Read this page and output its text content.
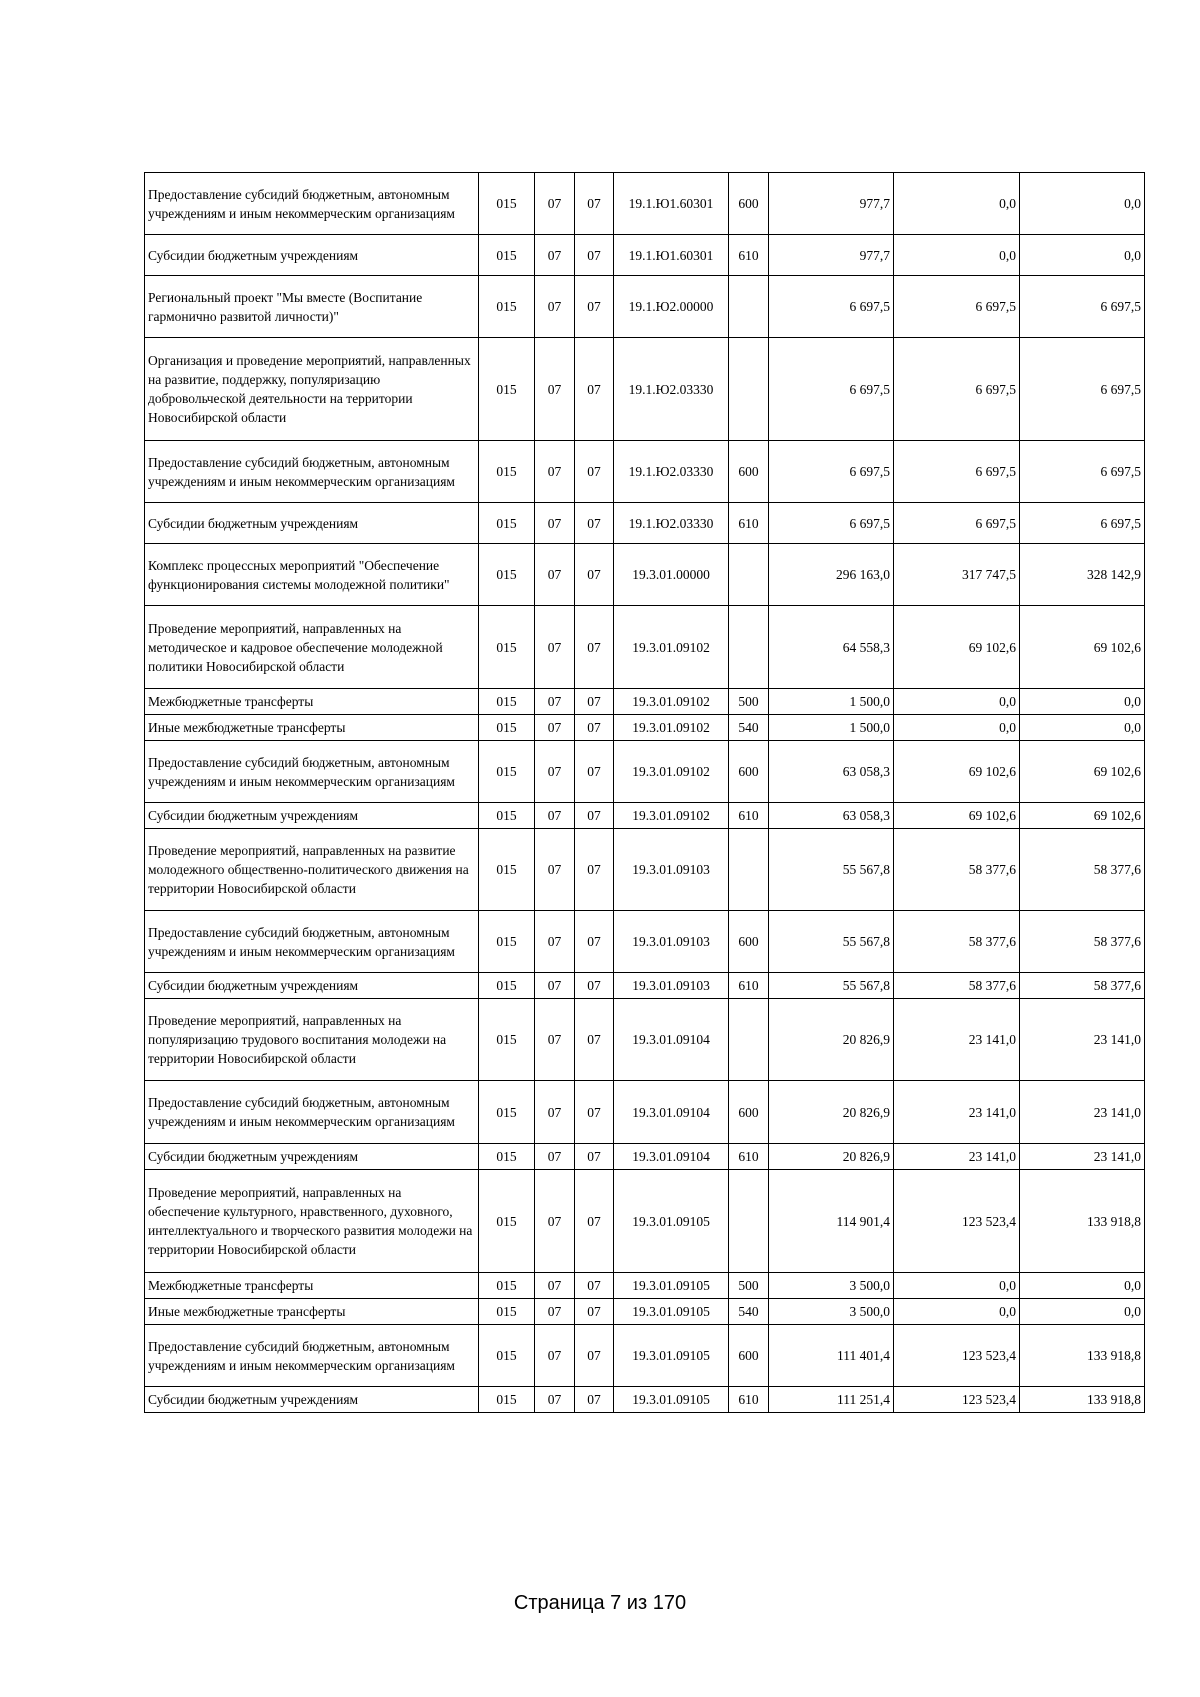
Предоставление субсидий бюджетным, автономным учреждениям и иным некоммерческим организациям	015	07	07	19.1.Ю1.60301	600	977,7	0,0	0,0
Субсидии бюджетным учреждениям	015	07	07	19.1.Ю1.60301	610	977,7	0,0	0,0
Региональный проект "Мы вместе (Воспитание гармонично развитой личности)"	015	07	07	19.1.Ю2.00000		6 697,5	6 697,5	6 697,5
Организация и проведение мероприятий, направленных на развитие, поддержку, популяризацию добровольческой деятельности на территории Новосибирской области	015	07	07	19.1.Ю2.03330		6 697,5	6 697,5	6 697,5
Предоставление субсидий бюджетным, автономным учреждениям и иным некоммерческим организациям	015	07	07	19.1.Ю2.03330	600	6 697,5	6 697,5	6 697,5
Субсидии бюджетным учреждениям	015	07	07	19.1.Ю2.03330	610	6 697,5	6 697,5	6 697,5
Комплекс процессных мероприятий "Обеспечение функционирования системы молодежной политики"	015	07	07	19.3.01.00000		296 163,0	317 747,5	328 142,9
Проведение мероприятий, направленных на методическое и кадровое обеспечение молодежной политики Новосибирской области	015	07	07	19.3.01.09102		64 558,3	69 102,6	69 102,6
Межбюджетные трансферты	015	07	07	19.3.01.09102	500	1 500,0	0,0	0,0
Иные межбюджетные трансферты	015	07	07	19.3.01.09102	540	1 500,0	0,0	0,0
Предоставление субсидий бюджетным, автономным учреждениям и иным некоммерческим организациям	015	07	07	19.3.01.09102	600	63 058,3	69 102,6	69 102,6
Субсидии бюджетным учреждениям	015	07	07	19.3.01.09102	610	63 058,3	69 102,6	69 102,6
Проведение мероприятий, направленных на развитие молодежного общественно-политического движения на территории Новосибирской области	015	07	07	19.3.01.09103		55 567,8	58 377,6	58 377,6
Предоставление субсидий бюджетным, автономным учреждениям и иным некоммерческим организациям	015	07	07	19.3.01.09103	600	55 567,8	58 377,6	58 377,6
Субсидии бюджетным учреждениям	015	07	07	19.3.01.09103	610	55 567,8	58 377,6	58 377,6
Проведение мероприятий, направленных на популяризацию трудового воспитания молодежи на территории Новосибирской области	015	07	07	19.3.01.09104		20 826,9	23 141,0	23 141,0
Предоставление субсидий бюджетным, автономным учреждениям и иным некоммерческим организациям	015	07	07	19.3.01.09104	600	20 826,9	23 141,0	23 141,0
Субсидии бюджетным учреждениям	015	07	07	19.3.01.09104	610	20 826,9	23 141,0	23 141,0
Проведение мероприятий, направленных на обеспечение культурного, нравственного, духовного, интеллектуального и творческого развития молодежи на территории Новосибирской области	015	07	07	19.3.01.09105		114 901,4	123 523,4	133 918,8
Межбюджетные трансферты	015	07	07	19.3.01.09105	500	3 500,0	0,0	0,0
Иные межбюджетные трансферты	015	07	07	19.3.01.09105	540	3 500,0	0,0	0,0
Предоставление субсидий бюджетным, автономным учреждениям и иным некоммерческим организациям	015	07	07	19.3.01.09105	600	111 401,4	123 523,4	133 918,8
Субсидии бюджетным учреждениям	015	07	07	19.3.01.09105	610	111 251,4	123 523,4	133 918,8
Страница 7 из 170
